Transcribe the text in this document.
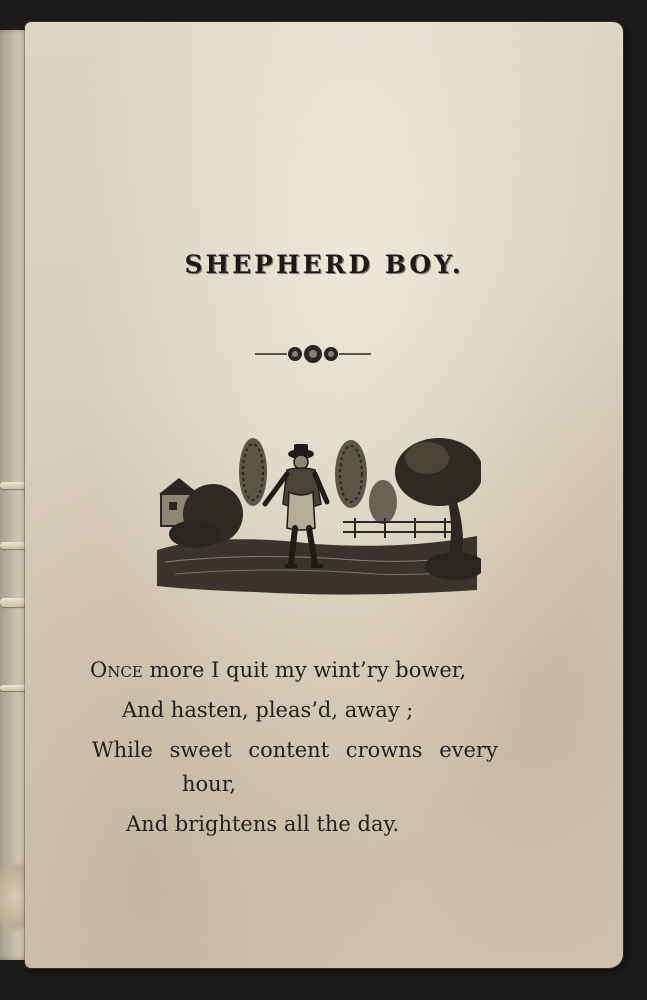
SHEPHERD BOY.
Once more I quit my wint’ry bower,
And hasten, pleas’d, away ;
While sweet content crowns every
hour,
And brightens all the day.
